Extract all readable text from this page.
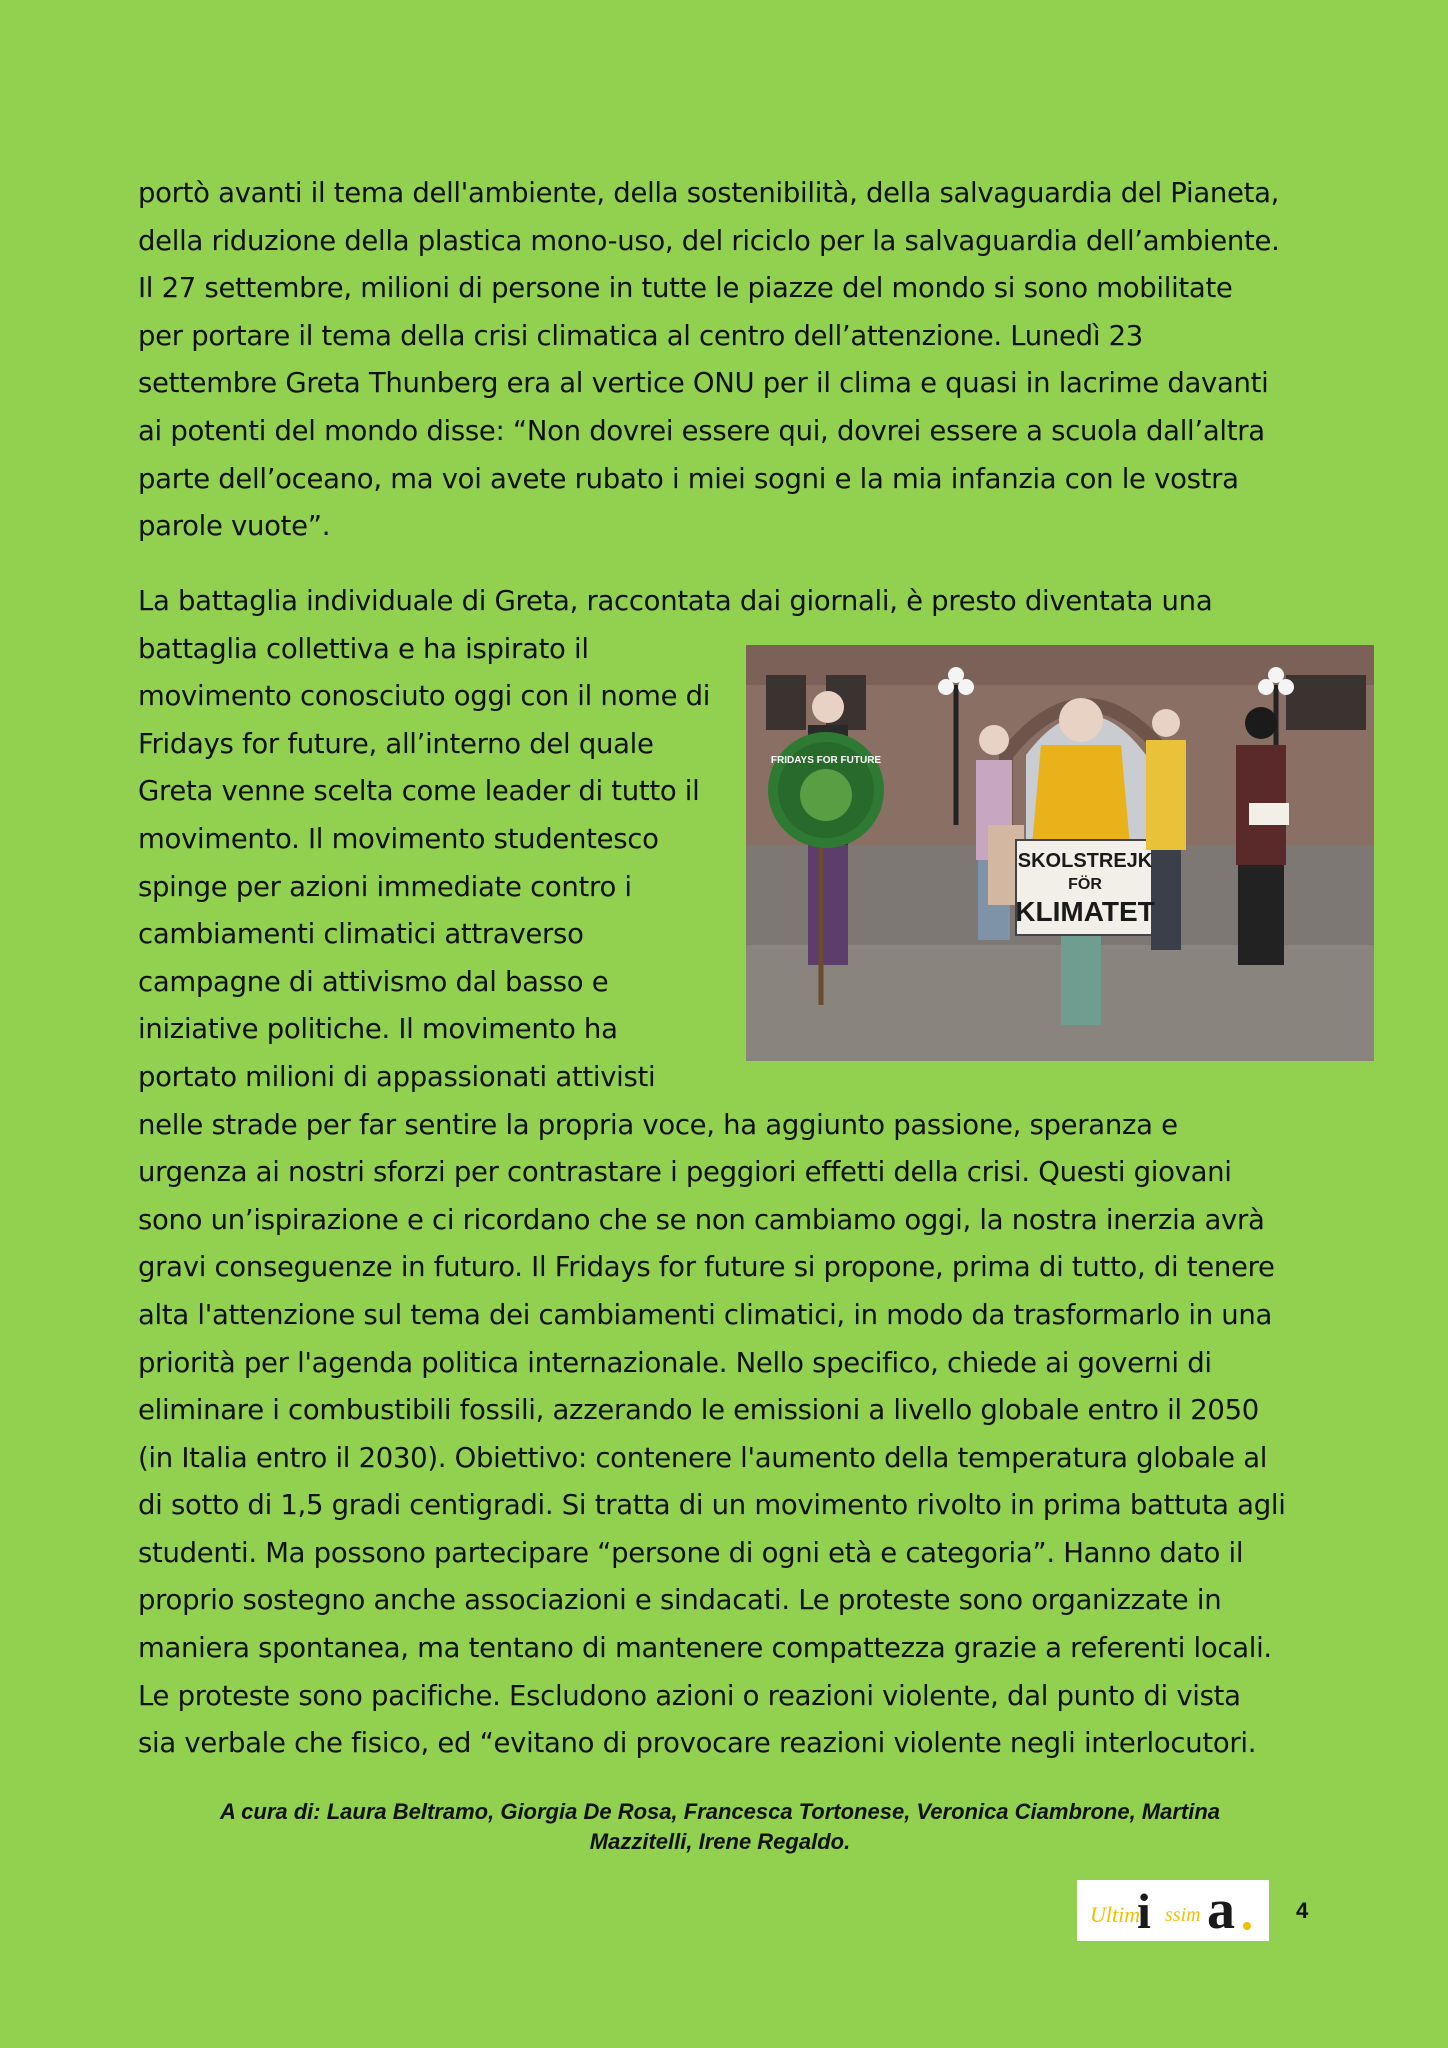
portò avanti il tema dell'ambiente, della sostenibilità, della salvaguardia del Pianeta,
della riduzione della plastica mono-uso, del riciclo per la salvaguardia dell’ambiente.
Il 27 settembre, milioni di persone in tutte le piazze del mondo si sono mobilitate
per portare il tema della crisi climatica al centro dell’attenzione. Lunedì 23
settembre Greta Thunberg era al vertice ONU per il clima e quasi in lacrime davanti
ai potenti del mondo disse: “Non dovrei essere qui, dovrei essere a scuola dall’altra
parte dell’oceano, ma voi avete rubato i miei sogni e la mia infanzia con le vostra
parole vuote”.
La battaglia individuale di Greta, raccontata dai giornali, è presto diventata una
battaglia collettiva e ha ispirato il
movimento conosciuto oggi con il nome di
Fridays for future, all’interno del quale
Greta venne scelta come leader di tutto il
movimento. Il movimento studentesco
spinge per azioni immediate contro i
cambiamenti climatici attraverso
campagne di attivismo dal basso e
iniziative politiche. Il movimento ha
portato milioni di appassionati attivisti
nelle strade per far sentire la propria voce, ha aggiunto passione, speranza e
urgenza ai nostri sforzi per contrastare i peggiori effetti della crisi. Questi giovani
sono un’ispirazione e ci ricordano che se non cambiamo oggi, la nostra inerzia avrà
gravi conseguenze in futuro. Il Fridays for future si propone, prima di tutto, di tenere
alta l'attenzione sul tema dei cambiamenti climatici, in modo da trasformarlo in una
priorità per l'agenda politica internazionale. Nello specifico, chiede ai governi di
eliminare i combustibili fossili, azzerando le emissioni a livello globale entro il 2050
(in Italia entro il 2030). Obiettivo: contenere l'aumento della temperatura globale al
di sotto di 1,5 gradi centigradi. Si tratta di un movimento rivolto in prima battuta agli
studenti. Ma possono partecipare “persone di ogni età e categoria”. Hanno dato il
proprio sostegno anche associazioni e sindacati. Le proteste sono organizzate in
maniera spontanea, ma tentano di mantenere compattezza grazie a referenti locali.
Le proteste sono pacifiche. Escludono azioni o reazioni violente, dal punto di vista
sia verbale che fisico, ed “evitano di provocare reazioni violente negli interlocutori.
FRIDAYS FOR FUTURE
SKOLSTREJK
FÖR
KLIMATET
A cura di: Laura Beltramo, Giorgia De Rosa, Francesca Tortonese, Veronica Ciambrone, Martina
Mazzitelli, Irene Regaldo.
Ultim
i ssim a	4
